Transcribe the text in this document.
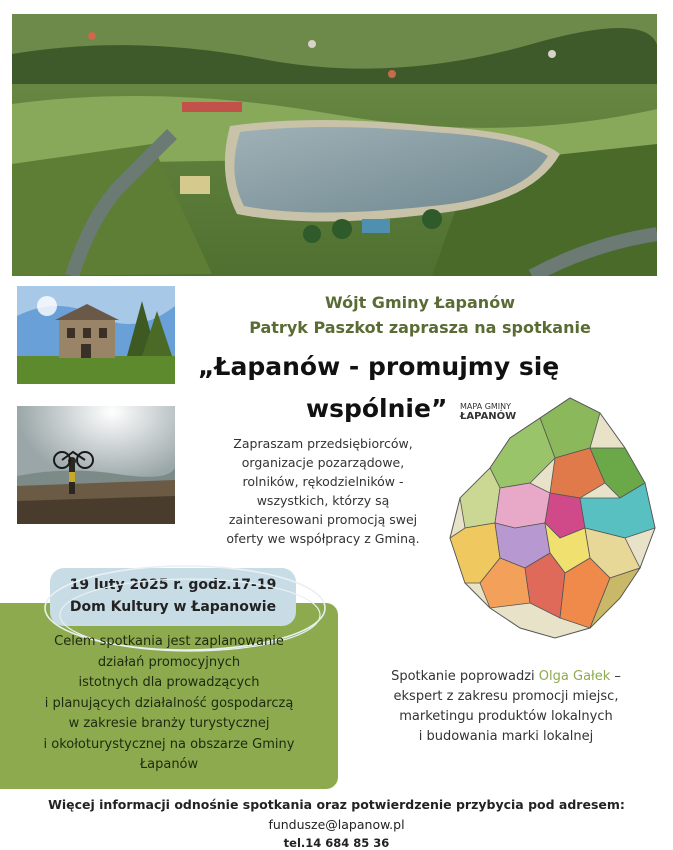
Wójt Gminy Łapanów
Patryk Paszkot zaprasza na spotkanie
„Łapanów - promujmy się
wspólnie”
Zapraszam przedsiębiorców,
organizacje pozarządowe,
rolników, rękodzielników -
wszystkich, którzy są
zainteresowani promocją swej
oferty we współpracy z Gminą.
MAPA GMINY
ŁAPANÓW
19 luty 2025 r. godz.17-19
Dom Kultury w Łapanowie
Celem spotkania jest zaplanowanie
działań promocyjnych
istotnych dla prowadzących
i planujących działalność gospodarczą
w zakresie branży turystycznej
i okołoturystycznej na obszarze Gminy
Łapanów
Spotkanie poprowadzi Olga Gałek –
ekspert z zakresu promocji miejsc,
marketingu produktów lokalnych
i budowania marki lokalnej
Więcej informacji odnośnie spotkania oraz potwierdzenie przybycia pod adresem:
fundusze@lapanow.pl
tel.14 684 85 36
